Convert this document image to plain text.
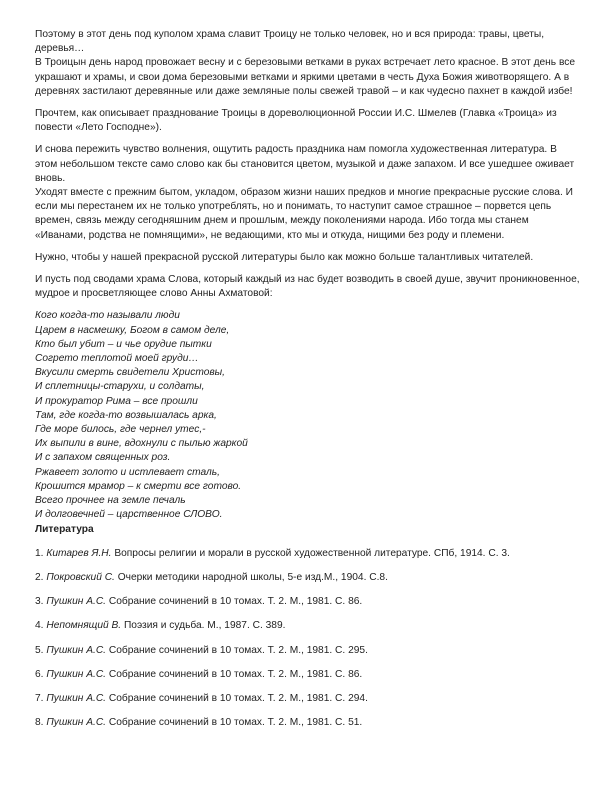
Поэтому в этот день под куполом храма славит Троицу не только человек, но и вся природа: травы, цветы, деревья…

В Троицын день народ провожает весну и с березовыми ветками в руках встречает лето красное. В этот день все украшают и храмы, и свои дома березовыми ветками и яркими цветами в честь Духа Божия животворящего. А в деревнях застилают деревянные или даже земляные полы свежей травой – и как чудесно пахнет в каждой избе!

Прочтем, как описывает празднование Троицы в дореволюционной России И.С. Шмелев (Главка «Троица» из повести «Лето Господне»).

И снова пережить чувство волнения, ощутить радость праздника нам помогла художественная литература. В этом небольшом тексте само слово как бы становится цветом, музыкой и даже запахом. И все ушедшее оживает вновь.

Уходят вместе с прежним бытом, укладом, образом жизни наших предков и многие прекрасные русские слова. И если мы перестанем их не только употреблять, но и понимать, то наступит самое страшное – порвется цепь времен, связь между сегодняшним днем и прошлым, между поколениями народа. Ибо тогда мы станем «Иванами, родства не помнящими», не ведающими, кто мы и откуда, нищими без роду и племени.

Нужно, чтобы у нашей прекрасной русской литературы было как можно больше талантливых читателей.

И пусть под сводами храма Слова, который каждый из нас будет возводить в своей душе, звучит проникновенное, мудрое и просветляющее слово Анны Ахматовой:

Кого когда-то называли люди
Царем в насмешку, Богом в самом деле,
Кто был убит – и чье орудие пытки
Согрето теплотой моей груди…
Вкусили смерть свидетели Христовы,
И сплетницы-старухи, и солдаты,
И прокуратор Рима – все прошли
Там, где когда-то возвышалась арка,
Где море билось, где чернел утес,-
Их выпили в вине, вдохнули с пылью жаркой
И с запахом священных роз.
Ржавеет золото и истлевает сталь,
Крошится мрамор – к смерти все готово.
Всего прочнее на земле печаль
И долговечней – царственное СЛОВО.
Литература

1. Китарев Я.Н. Вопросы религии и морали в русской художественной литературе. СПб, 1914. С. 3.

2. Покровский С. Очерки методики народной школы, 5-е изд.М., 1904. С.8.

3. Пушкин А.С. Собрание сочинений в 10 томах. Т. 2. М., 1981. С. 86.

4. Непомнящий В. Поэзия и судьба. М., 1987. С. 389.

5. Пушкин А.С. Собрание сочинений в 10 томах. Т. 2. М., 1981. С. 295.

6. Пушкин А.С. Собрание сочинений в 10 томах. Т. 2. М., 1981. С. 86.

7. Пушкин А.С. Собрание сочинений в 10 томах. Т. 2. М., 1981. С. 294.

8. Пушкин А.С. Собрание сочинений в 10 томах. Т. 2. М., 1981. С. 51.
